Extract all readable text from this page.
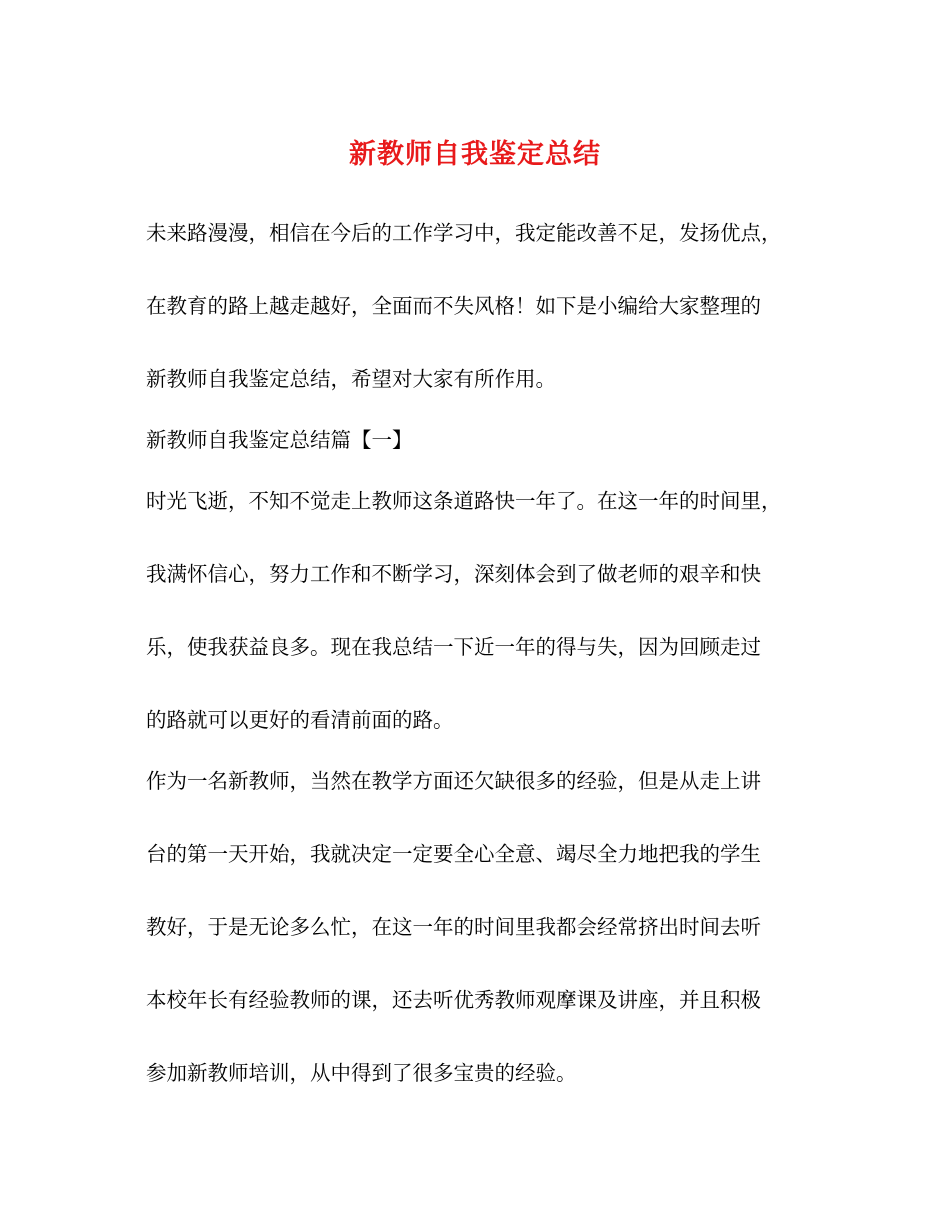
新教师自我鉴定总结
未来路漫漫，相信在今后的工作学习中，我定能改善不足，发扬优点，
在教育的路上越走越好，全面而不失风格！如下是小编给大家整理的
新教师自我鉴定总结，希望对大家有所作用。
新教师自我鉴定总结篇【一】
时光飞逝，不知不觉走上教师这条道路快一年了。在这一年的时间里，
我满怀信心，努力工作和不断学习，深刻体会到了做老师的艰辛和快
乐，使我获益良多。现在我总结一下近一年的得与失，因为回顾走过
的路就可以更好的看清前面的路。
作为一名新教师，当然在教学方面还欠缺很多的经验，但是从走上讲
台的第一天开始，我就决定一定要全心全意、竭尽全力地把我的学生
教好，于是无论多么忙，在这一年的时间里我都会经常挤出时间去听
本校年长有经验教师的课，还去听优秀教师观摩课及讲座，并且积极
参加新教师培训，从中得到了很多宝贵的经验。
